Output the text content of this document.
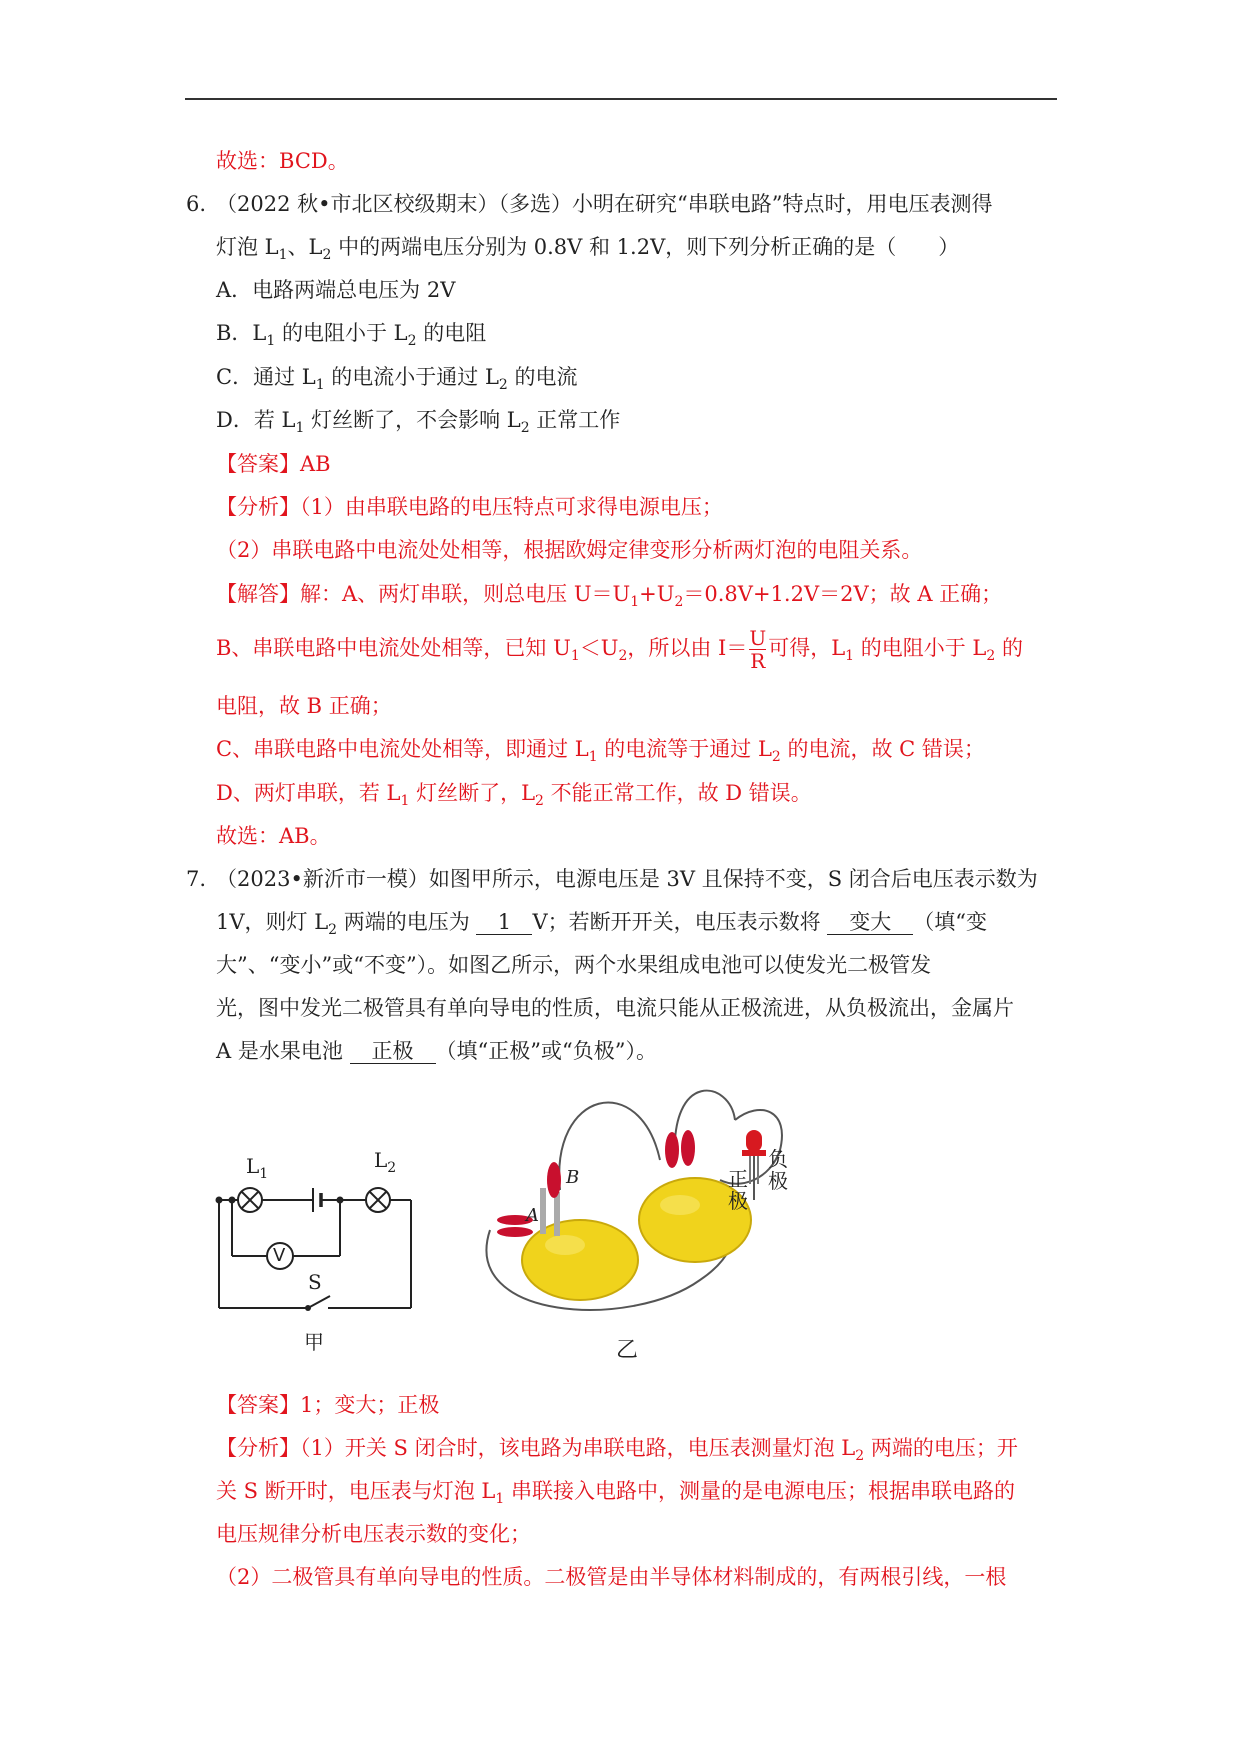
故选：BCD。
6. （2022 秋•市北区校级期末）（多选）小明在研究“串联电路”特点时，用电压表测得
灯泡 $L_1$、$L_2$ 中的两端电压分别为 0.8V 和 1.2V，则下列分析正确的是（　　）
A．电路两端总电压为 2V
B．$L_1$ 的电阻小于 $L_2$ 的电阻
C．通过 $L_1$ 的电流小于通过 $L_2$ 的电流
D．若 $L_1$ 灯丝断了，不会影响 $L_2$ 正常工作
【答案】AB
【分析】（1）由串联电路的电压特点可求得电源电压；
（2）串联电路中电流处处相等，根据欧姆定律变形分析两灯泡的电阻关系。
【解答】解：A、两灯串联，则总电压 $U=U_1+U_2=0.8V+1.2V=2V$；故 A 正确；
B、串联电路中电流处处相等，已知 $U_1<U_2$，所以由 $I= \frac{U}{R}$ 可得，$L_1$ 的电阻小于 $L_2$ 的
电阻，故 B 正确；
C、串联电路中电流处处相等，即通过 $L_1$ 的电流等于通过 $L_2$ 的电流，故 C 错误；
D、两灯串联，若 $L_1$ 灯丝断了，$L_2$ 不能正常工作，故 D 错误。
故选：AB。
7. （2023•新沂市一模）如图甲所示，电源电压是 3V 且保持不变，S 闭合后电压表示数为
1V，则灯 $L_2$ 两端的电压为 1 V；若断开开关，电压表示数将 变大 （填“变
大”、“变小”或“不变”）。如图乙所示，两个水果组成电池可以使发光二极管发
光，图中发光二极管具有单向导电的性质，电流只能从正极流进，从负极流出，金属片
A 是水果电池 正极 （填“正极”或“负极”）。
$L_1$
$L_2$
V
S
甲
A
B	正极
负极
乙
【答案】1；变大；正极
【分析】（1）开关 S 闭合时，该电路为串联电路，电压表测量灯泡 $L_2$ 两端的电压；开
关 S 断开时，电压表与灯泡 $L_1$ 串联接入电路中，测量的是电源电压；根据串联电路的
电压规律分析电压表示数的变化；
（2）二极管具有单向导电的性质。二极管是由半导体材料制成的，有两根引线，一根
